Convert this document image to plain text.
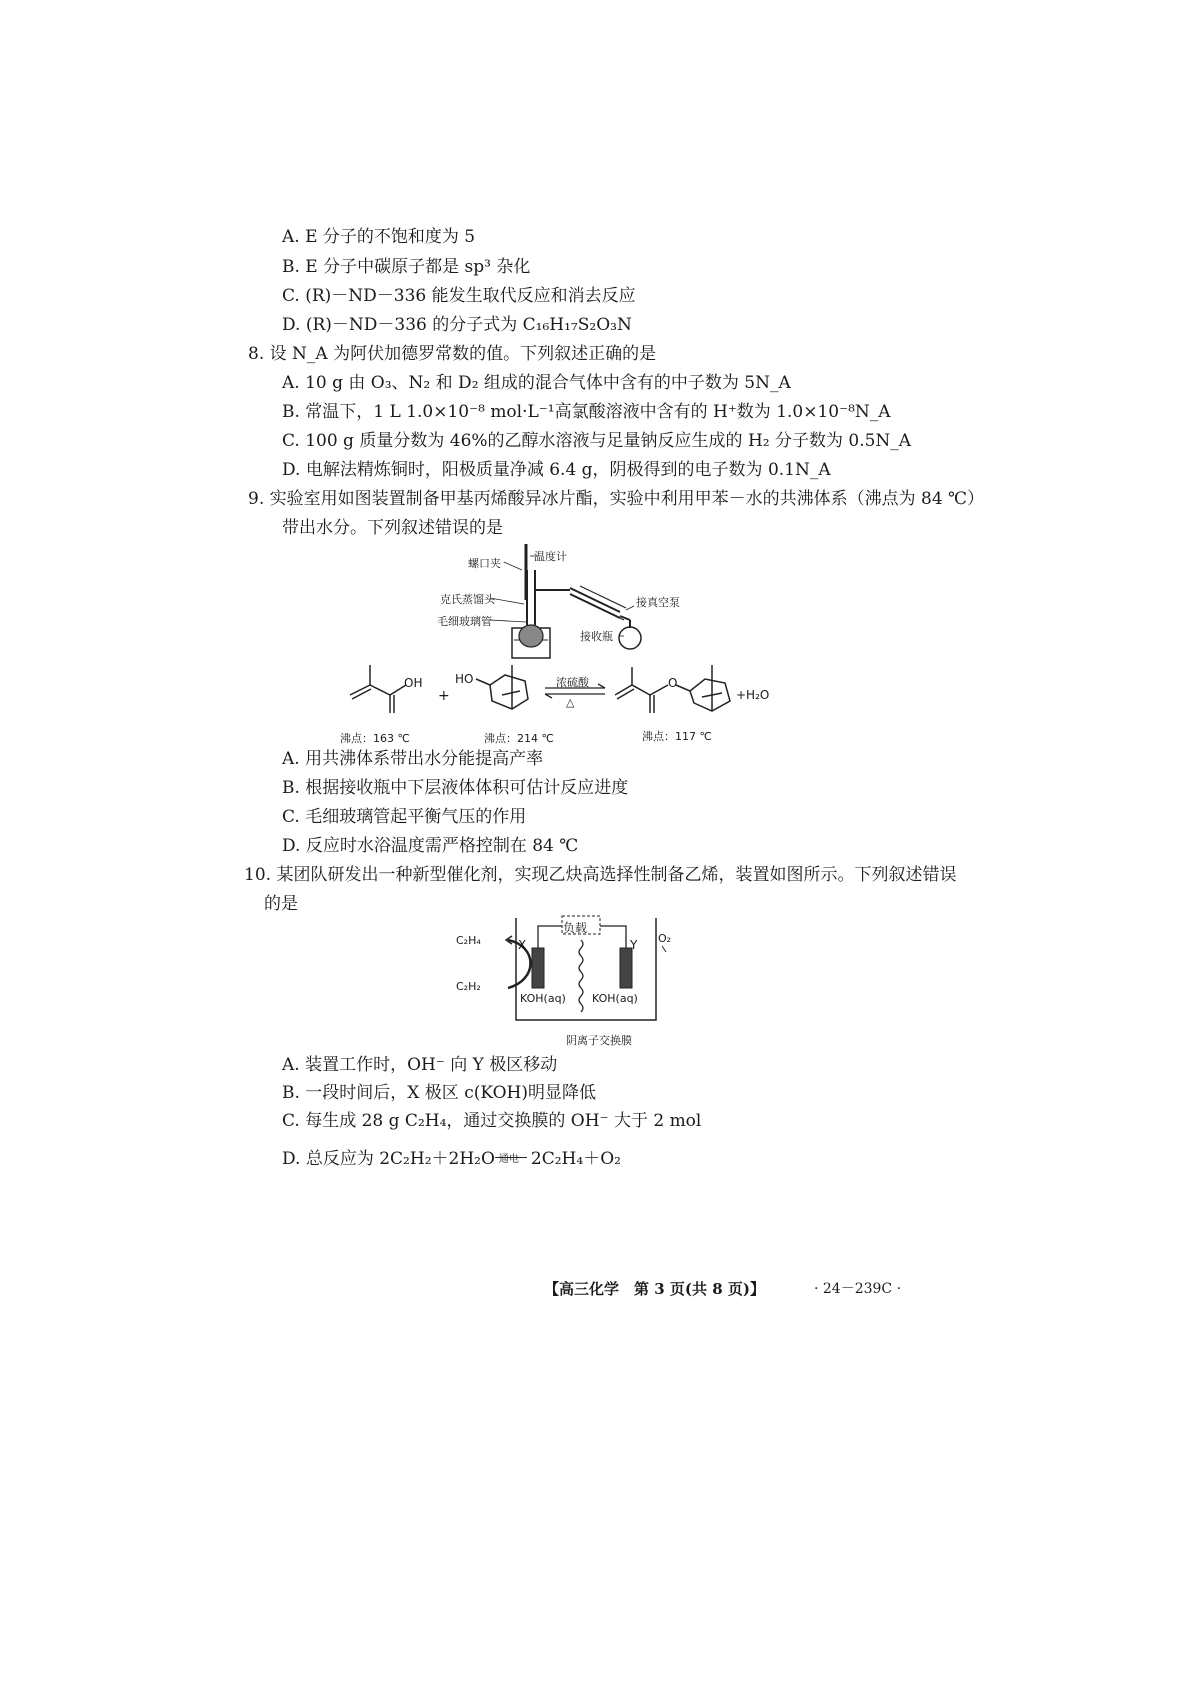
A. E 分子的不饱和度为 5
B. E 分子中碳原子都是 sp³ 杂化
C. (R)－ND－336 能发生取代反应和消去反应
D. (R)－ND－336 的分子式为 C₁₆H₁₇S₂O₃N
8. 设 N_A 为阿伏加德罗常数的值。下列叙述正确的是
A. 10 g 由 O₃、N₂ 和 D₂ 组成的混合气体中含有的中子数为 5N_A
B. 常温下，1 L 1.0×10⁻⁸ mol·L⁻¹高氯酸溶液中含有的 H⁺数为 1.0×10⁻⁸N_A
C. 100 g 质量分数为 46%的乙醇水溶液与足量钠反应生成的 H₂ 分子数为 0.5N_A
D. 电解法精炼铜时，阳极质量净减 6.4 g，阴极得到的电子数为 0.1N_A
9. 实验室用如图装置制备甲基丙烯酸异冰片酯，实验中利用甲苯－水的共沸体系（沸点为 84 ℃）
带出水分。下列叙述错误的是
螺口夹
温度计
克氏蒸馏头	接真空泵
毛细玻璃管
接收瓶
OH
+
HO	浓硫酸
△
O
+H₂O
沸点：163 ℃	沸点：214 ℃	沸点：117 ℃
A. 用共沸体系带出水分能提高产率
B. 根据接收瓶中下层液体体积可估计反应进度
C. 毛细玻璃管起平衡气压的作用
D. 反应时水浴温度需严格控制在 84 ℃
10. 某团队研发出一种新型催化剂，实现乙炔高选择性制备乙烯，装置如图所示。下列叙述错误
的是
负载
X	Y
C₂H₄
C₂H₂
O₂
KOH(aq) KOH(aq)
阴离子交换膜
A. 装置工作时，OH⁻ 向 Y 极区移动
B. 一段时间后，X 极区 c(KOH)明显降低
C. 每生成 28 g C₂H₄，通过交换膜的 OH⁻ 大于 2 mol
D. 总反应为 2C₂H₂＋2H₂O 通电 2C₂H₄＋O₂
【高三化学　第 3 页(共 8 页)】	· 24－239C ·
